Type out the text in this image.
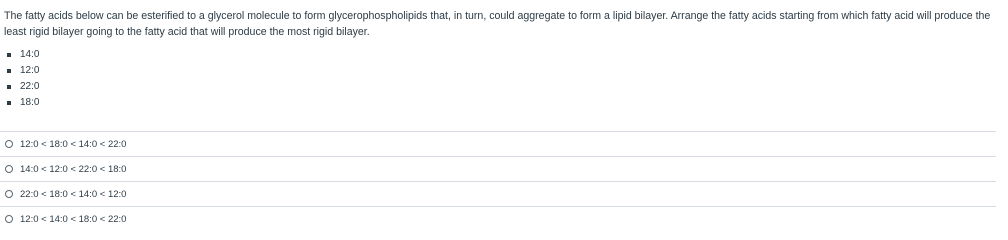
The fatty acids below can be esterified to a glycerol molecule to form glycerophospholipids that, in turn, could aggregate to form a lipid bilayer. Arrange the fatty acids starting from which fatty acid will produce the least rigid bilayer going to the fatty acid that will produce the most rigid bilayer.

14:0
12:0
22:0
18:0
12:0 < 18:0 < 14:0 < 22:0
14:0 < 12:0 < 22:0 < 18:0
22:0 < 18:0 < 14:0 < 12:0
12:0 < 14:0 < 18:0 < 22:0
